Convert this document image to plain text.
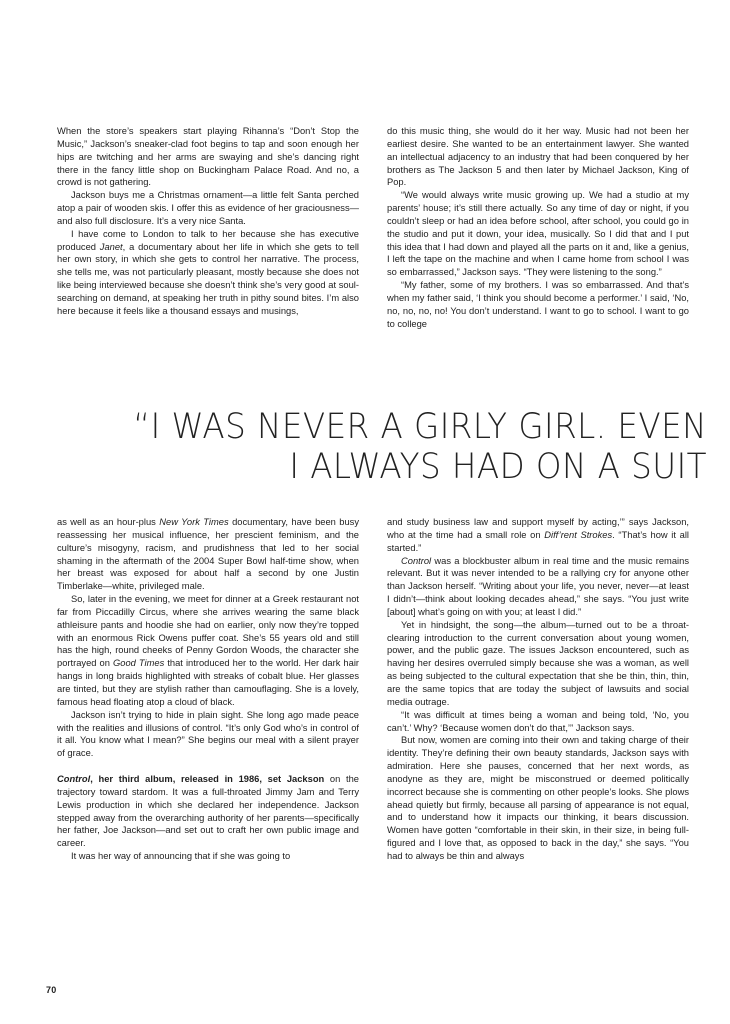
When the store’s speakers start playing Rihanna’s “Don’t Stop the Music,” Jackson’s sneaker-clad foot begins to tap and soon enough her hips are twitching and her arms are swaying and she’s dancing right there in the fancy little shop on Buckingham Palace Road. And no, a crowd is not gathering.

Jackson buys me a Christmas ornament—a little felt Santa perched atop a pair of wooden skis. I offer this as evidence of her graciousness—and also full disclosure. It’s a very nice Santa.

I have come to London to talk to her because she has executive produced Janet, a documentary about her life in which she gets to tell her own story, in which she gets to control her narrative. The process, she tells me, was not particularly pleasant, mostly because she does not like being interviewed because she doesn’t think she’s very good at soul-searching on demand, at speaking her truth in pithy sound bites. I’m also here because it feels like a thousand essays and musings,

do this music thing, she would do it her way. Music had not been her earliest desire. She wanted to be an entertainment lawyer. She wanted an intellectual adjacency to an industry that had been conquered by her brothers as The Jackson 5 and then later by Michael Jackson, King of Pop.

“We would always write music growing up. We had a studio at my parents’ house; it’s still there actually. So any time of day or night, if you couldn’t sleep or had an idea before school, after school, you could go in the studio and put it down, your idea, musically. So I did that and I put this idea that I had down and played all the parts on it and, like a genius, I left the tape on the machine and when I came home from school I was so embarrassed,” Jackson says. “They were listening to the song.”

“My father, some of my brothers. I was so embarrassed. And that’s when my father said, ‘I think you should become a performer.’ I said, ‘No, no, no, no, no! You don’t understand. I want to go to school. I want to go to college

“I WAS NEVER A GIRLY GIRL. EVEN
I ALWAYS HAD ON A SUIT

as well as an hour-plus New York Times documentary, have been busy reassessing her musical influence, her prescient feminism, and the culture’s misogyny, racism, and prudishness that led to her social shaming in the aftermath of the 2004 Super Bowl half-time show, when her breast was exposed for about half a second by one Justin Timberlake—white, privileged male.

So, later in the evening, we meet for dinner at a Greek restaurant not far from Piccadilly Circus, where she arrives wearing the same black athleisure pants and hoodie she had on earlier, only now they’re topped with an enormous Rick Owens puffer coat. She’s 55 years old and still has the high, round cheeks of Penny Gordon Woods, the character she portrayed on Good Times that introduced her to the world. Her dark hair hangs in long braids highlighted with streaks of cobalt blue. Her glasses are tinted, but they are stylish rather than camouflaging. She is a lovely, famous head floating atop a cloud of black.

Jackson isn’t trying to hide in plain sight. She long ago made peace with the realities and illusions of control. “It’s only God who’s in control of it all. You know what I mean?” She begins our meal with a silent prayer of grace.

Control, her third album, released in 1986, set Jackson on the trajectory toward stardom. It was a full-throated Jimmy Jam and Terry Lewis production in which she declared her independence. Jackson stepped away from the overarching authority of her parents—specifically her father, Joe Jackson—and set out to craft her own public image and career.

It was her way of announcing that if she was going to

and study business law and support myself by acting,’” says Jackson, who at the time had a small role on Diff’rent Strokes. “That’s how it all started.”

Control was a blockbuster album in real time and the music remains relevant. But it was never intended to be a rallying cry for anyone other than Jackson herself. “Writing about your life, you never, never—at least I didn’t—think about looking decades ahead,” she says. “You just write [about] what’s going on with you; at least I did.”

Yet in hindsight, the song—the album—turned out to be a throat-clearing introduction to the current conversation about young women, power, and the public gaze. The issues Jackson encountered, such as having her desires overruled simply because she was a woman, as well as being subjected to the cultural expectation that she be thin, thin, thin, are the same topics that are today the subject of lawsuits and social media outrage.

“It was difficult at times being a woman and being told, ‘No, you can’t.’ Why? ‘Because women don’t do that,’” Jackson says.

But now, women are coming into their own and taking charge of their identity. They’re defining their own beauty standards, Jackson says with admiration. Here she pauses, concerned that her next words, as anodyne as they are, might be misconstrued or deemed politically incorrect because she is commenting on other people’s looks. She plows ahead quietly but firmly, because all parsing of appearance is not equal, and to understand how it impacts our thinking, it bears discussion. Women have gotten “comfortable in their skin, in their size, in being full-figured and I love that, as opposed to back in the day,” she says. “You had to always be thin and always

70
